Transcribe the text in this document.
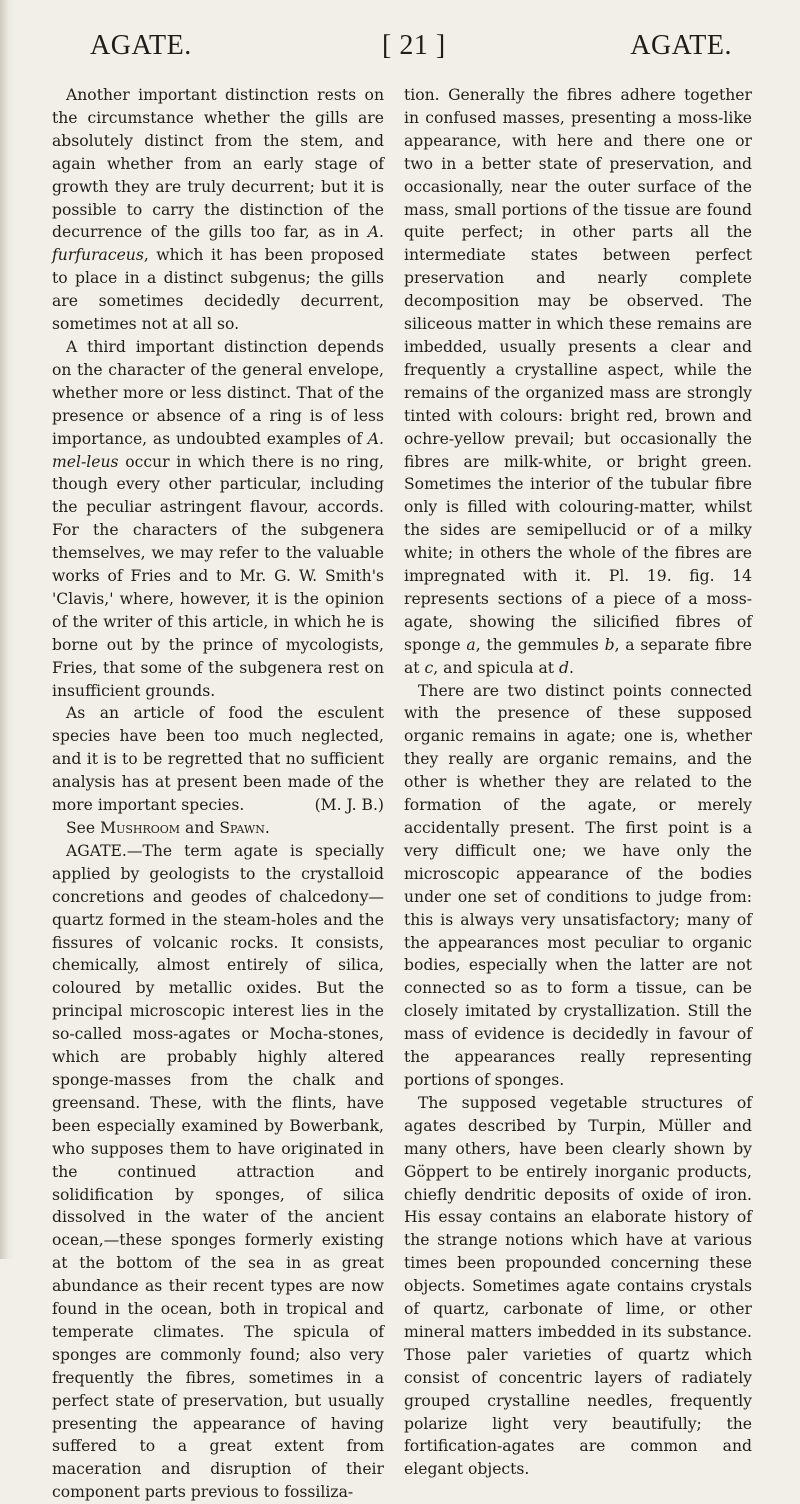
AGATE.	[ 21 ]	AGATE.

Another important distinction rests on the circumstance whether the gills are absolutely distinct from the stem, and again whether from an early stage of growth they are truly decurrent; but it is possible to carry the distinction of the decurrence of the gills too far, as in A. furfuraceus, which it has been proposed to place in a distinct subgenus; the gills are sometimes decidedly decurrent, sometimes not at all so.

A third important distinction depends on the character of the general envelope, whether more or less distinct. That of the presence or absence of a ring is of less importance, as undoubted examples of A. mel-leus occur in which there is no ring, though every other particular, including the peculiar astringent flavour, accords. For the characters of the subgenera themselves, we may refer to the valuable works of Fries and to Mr. G. W. Smith's 'Clavis,' where, however, it is the opinion of the writer of this article, in which he is borne out by the prince of mycologists, Fries, that some of the subgenera rest on insufficient grounds.

As an article of food the esculent species have been too much neglected, and it is to be regretted that no sufficient analysis has at present been made of the more important species.	(M. J. B.)

See Mushroom and Spawn.

AGATE.—The term agate is specially applied by geologists to the crystalloid concretions and geodes of chalcedony—quartz formed in the steam-holes and the fissures of volcanic rocks. It consists, chemically, almost entirely of silica, coloured by metallic oxides. But the principal microscopic interest lies in the so-called moss-agates or Mocha-stones, which are probably highly altered sponge-masses from the chalk and greensand. These, with the flints, have been especially examined by Bowerbank, who supposes them to have originated in the continued attraction and solidification by sponges, of silica dissolved in the water of the ancient ocean,—these sponges formerly existing at the bottom of the sea in as great abundance as their recent types are now found in the ocean, both in tropical and temperate climates. The spicula of sponges are commonly found; also very frequently the fibres, sometimes in a perfect state of preservation, but usually presenting the appearance of having suffered to a great extent from maceration and disruption of their component parts previous to fossiliza-

tion. Generally the fibres adhere together in confused masses, presenting a moss-like appearance, with here and there one or two in a better state of preservation, and occasionally, near the outer surface of the mass, small portions of the tissue are found quite perfect; in other parts all the intermediate states between perfect preservation and nearly complete decomposition may be observed. The siliceous matter in which these remains are imbedded, usually presents a clear and frequently a crystalline aspect, while the remains of the organized mass are strongly tinted with colours: bright red, brown and ochre-yellow prevail; but occasionally the fibres are milk-white, or bright green. Sometimes the interior of the tubular fibre only is filled with colouring-matter, whilst the sides are semipellucid or of a milky white; in others the whole of the fibres are impregnated with it. Pl. 19. fig. 14 represents sections of a piece of a moss-agate, showing the silicified fibres of sponge a, the gemmules b, a separate fibre at c, and spicula at d.

There are two distinct points connected with the presence of these supposed organic remains in agate; one is, whether they really are organic remains, and the other is whether they are related to the formation of the agate, or merely accidentally present. The first point is a very difficult one; we have only the microscopic appearance of the bodies under one set of conditions to judge from: this is always very unsatisfactory; many of the appearances most peculiar to organic bodies, especially when the latter are not connected so as to form a tissue, can be closely imitated by crystallization. Still the mass of evidence is decidedly in favour of the appearances really representing portions of sponges.

The supposed vegetable structures of agates described by Turpin, Müller and many others, have been clearly shown by Göppert to be entirely inorganic products, chiefly dendritic deposits of oxide of iron. His essay contains an elaborate history of the strange notions which have at various times been propounded concerning these objects. Sometimes agate contains crystals of quartz, carbonate of lime, or other mineral matters imbedded in its substance. Those paler varieties of quartz which consist of concentric layers of radiately grouped crystalline needles, frequently polarize light very beautifully; the fortification-agates are common and elegant objects.
